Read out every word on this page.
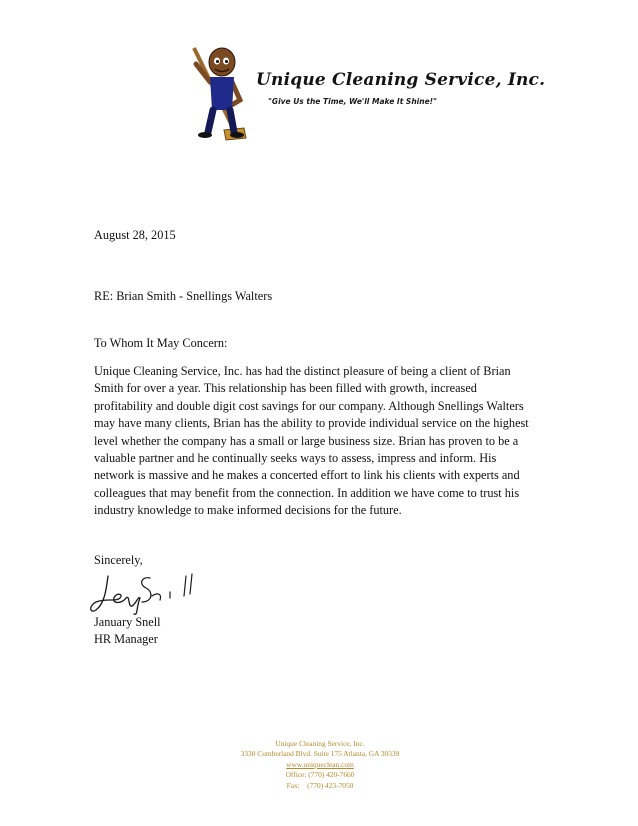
Unique Cleaning Service, Inc.
"Give Us the Time, We'll Make It Shine!"
August 28, 2015
RE: Brian Smith - Snellings Walters
To Whom It May Concern:
Unique Cleaning Service, Inc. has had the distinct pleasure of being a client of Brian
Smith for over a year. This relationship has been filled with growth, increased
profitability and double digit cost savings for our company. Although Snellings Walters
may have many clients, Brian has the ability to provide individual service on the highest
level whether the company has a small or large business size. Brian has proven to be a
valuable partner and he continually seeks ways to assess, impress and inform. His
network is massive and he makes a concerted effort to link his clients with experts and
colleagues that may benefit from the connection. In addition we have come to trust his
industry knowledge to make informed decisions for the future.
Sincerely,
January Snell
HR Manager
Unique Cleaning Service, Inc.
3330 Cumberland Blvd. Suite 175 Atlanta, GA 30339
www.uniqueclean.com
Office: (770) 420-7660
Fax: (770) 423-7050
